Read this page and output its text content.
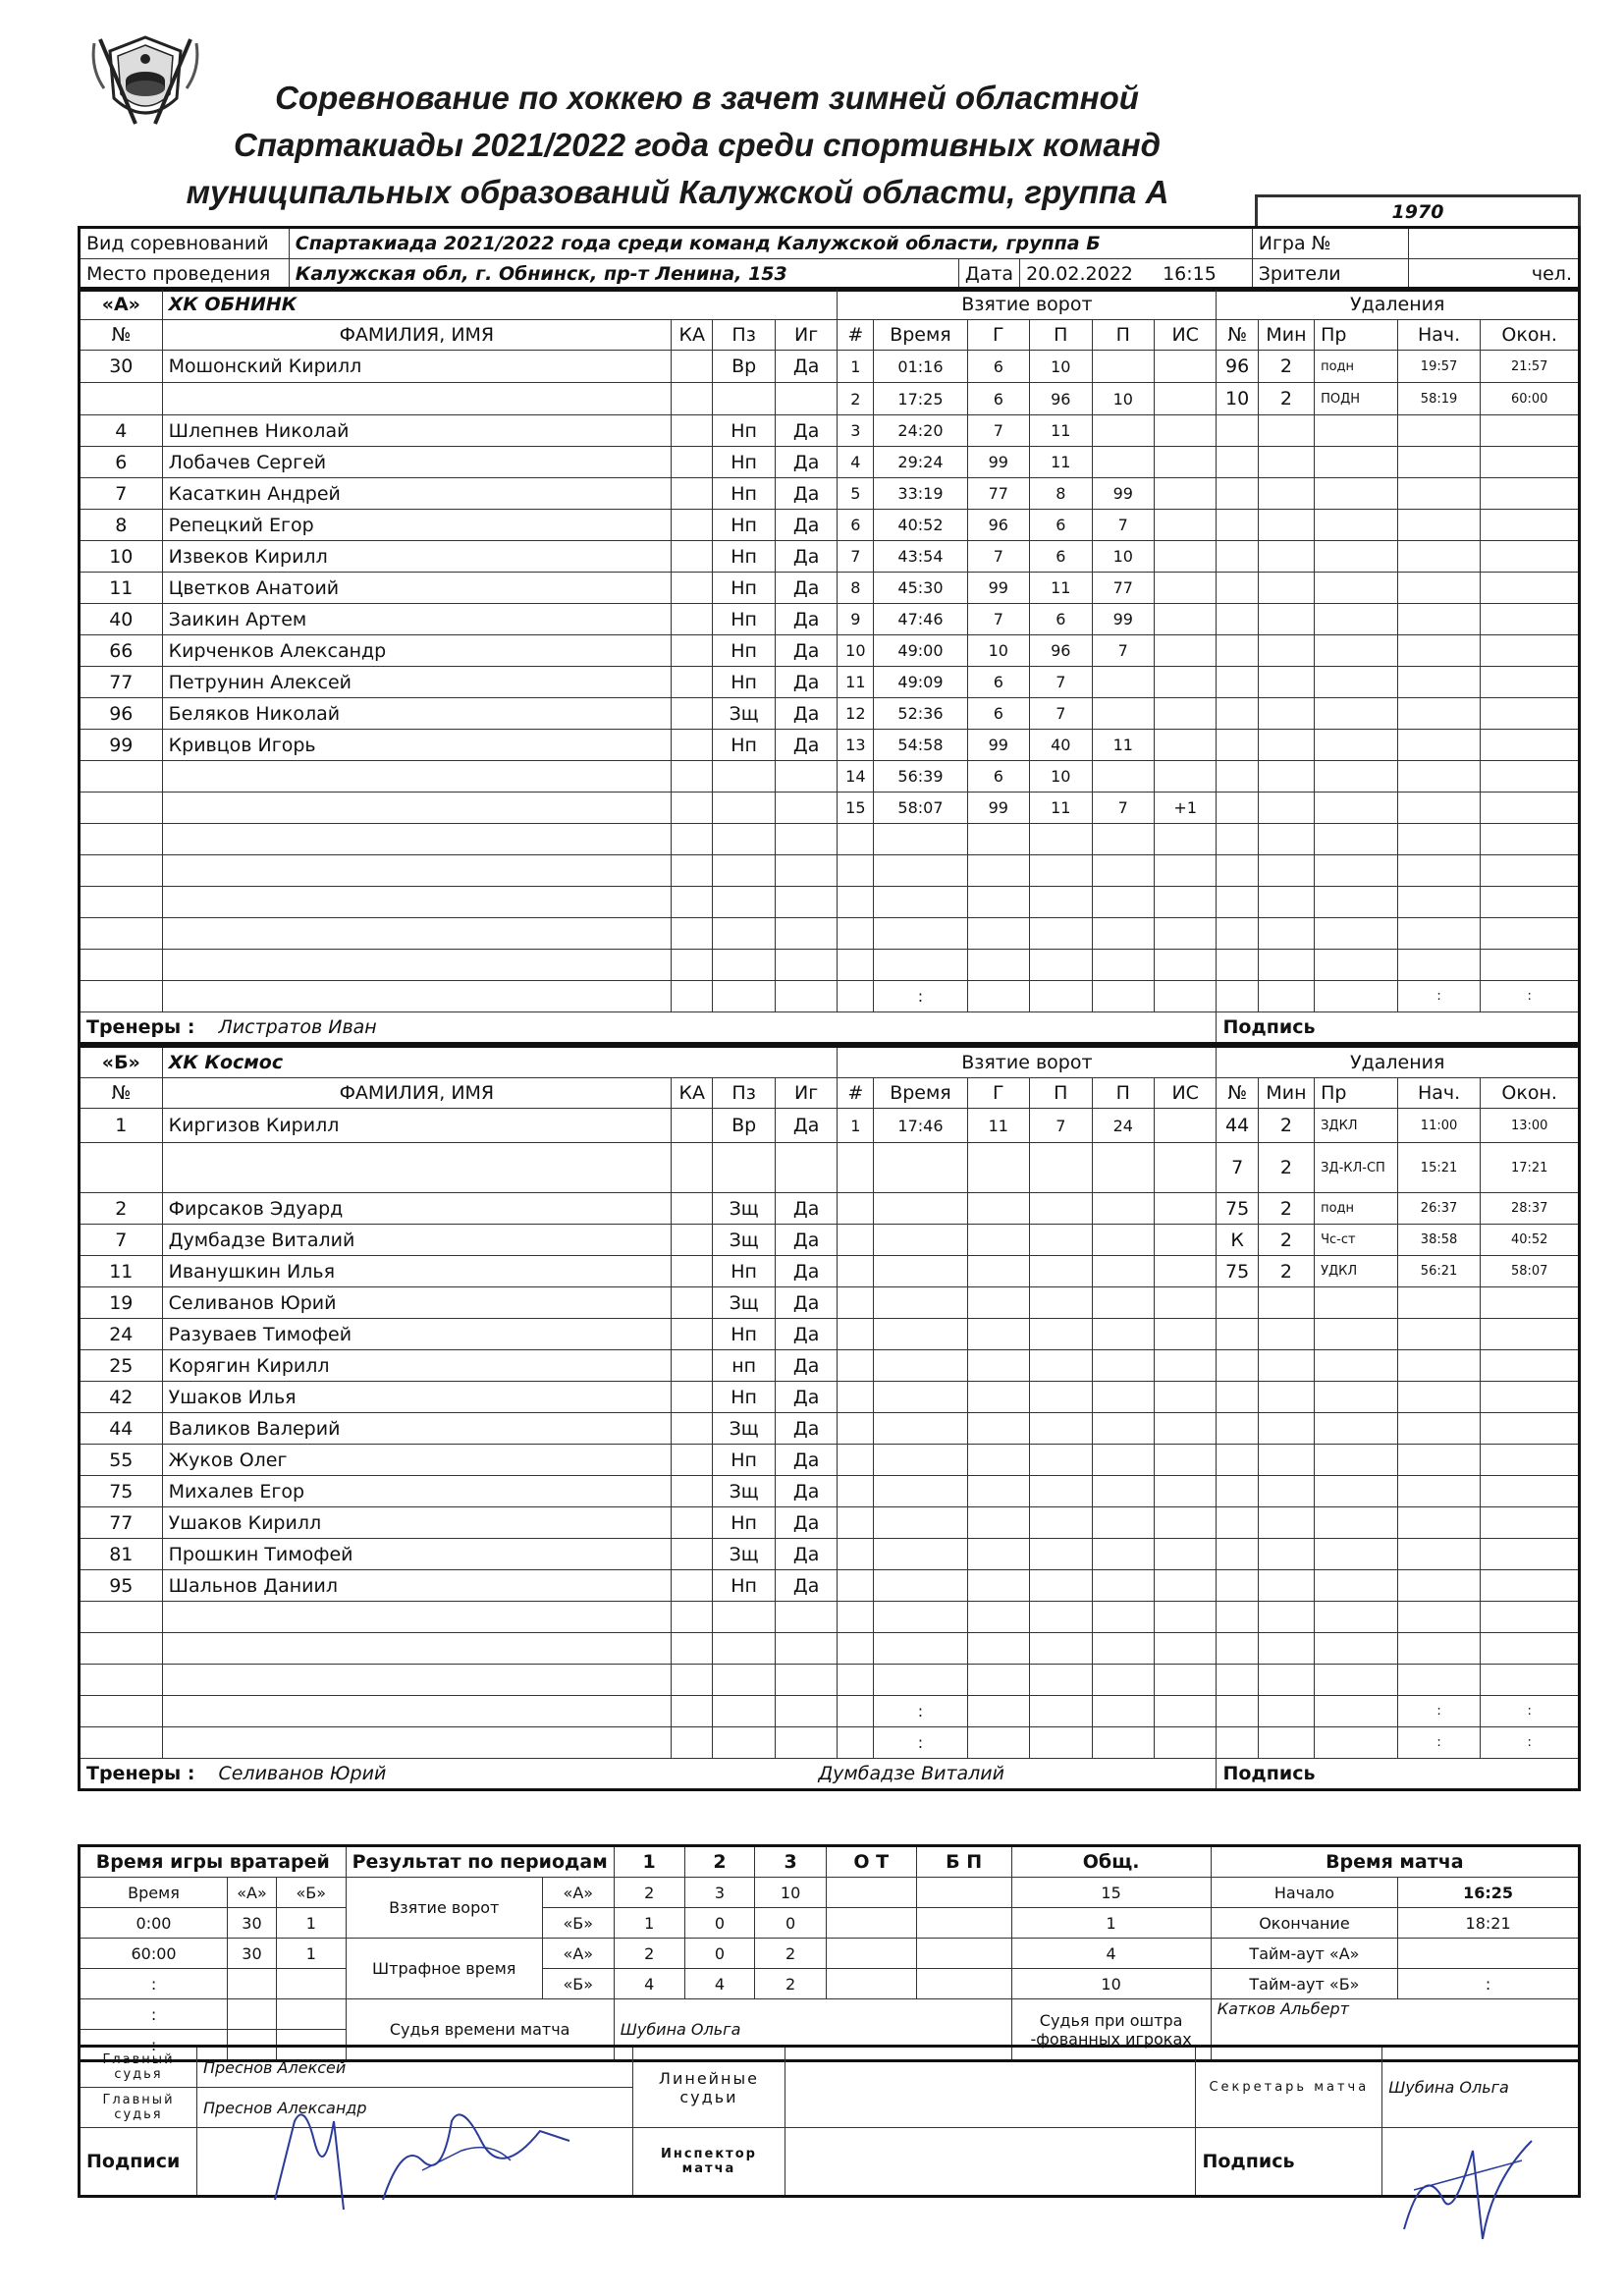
Соревнование по хоккею в зачет зимней областной
Спартакиады 2021/2022 года среди спортивных команд
муниципальных образований Калужской области, группа А
1970
Вид соревнований	Спартакиада 2021/2022 года среди команд Калужской области, группа Б			Игра №	
Место проведения	Калужская обл, г. Обнинск, пр-т Ленина, 153	Дата	20.02.2022 16:15	Зрители	чел.
«А»	ХК ОБНИНК				Взятие ворот						Удаления				
№	ФАМИЛИЯ, ИМЯ	КА	Пз	Иг	#	Время	Г	П	П	ИС	№	Мин	Пр	Нач.	Окон.
30	Мошонский Кирилл		Вр	Да	1	01:16	6	10			96	2	подн	19:57	21:57
					2	17:25	6	96	10		10	2	ПОДН	58:19	60:00
4	Шлепнев Николай		Нп	Да	3	24:20	7	11							
6	Лобачев Сергей		Нп	Да	4	29:24	99	11							
7	Касаткин Андрей		Нп	Да	5	33:19	77	8	99						
8	Репецкий Егор		Нп	Да	6	40:52	96	6	7						
10	Извеков Кирилл		Нп	Да	7	43:54	7	6	10						
11	Цветков Анатоий		Нп	Да	8	45:30	99	11	77						
40	Заикин Артем		Нп	Да	9	47:46	7	6	99						
66	Кирченков Александр		Нп	Да	10	49:00	10	96	7						
77	Петрунин Алексей		Нп	Да	11	49:09	6	7							
96	Беляков Николай		Зщ	Да	12	52:36	6	7							
99	Кривцов Игорь		Нп	Да	13	54:58	99	40	11						
					14	56:39	6	10							
					15	58:07	99	11	7	+1					

						:								:	:
Тренеры : Листратов Иван											Подпись				
«Б»	ХК Космос				Взятие ворот						Удаления				
№	ФАМИЛИЯ, ИМЯ	КА	Пз	Иг	#	Время	Г	П	П	ИС	№	Мин	Пр	Нач.	Окон.
1	Киргизов Кирилл		Вр	Да	1	17:46	11	7	24		44	2	ЗДКЛ	11:00	13:00
											7	2	ЗД-КЛ-СП	15:21	17:21
2	Фирсаков Эдуард		Зщ	Да							75	2	подн	26:37	28:37
7	Думбадзе Виталий		Зщ	Да							К	2	Чс-ст	38:58	40:52
11	Иванушкин Илья		Нп	Да							75	2	УДКЛ	56:21	58:07
19	Селиванов Юрий		Зщ	Да											
24	Разуваев Тимофей		Нп	Да											
25	Корягин Кирилл		нп	Да											
42	Ушаков Илья		Нп	Да											
44	Валиков Валерий		Зщ	Да											
55	Жуков Олег		Нп	Да											
75	Михалев Егор		Зщ	Да											
77	Ушаков Кирилл		Нп	Да											
81	Прошкин Тимофей		Зщ	Да											
95	Шальнов Даниил		Нп	Да											

						:								:	:
						:								:	:
Тренеры : Селиванов Юрий Думбадзе Виталий											Подпись				
Время игры вратарей			Результат по периодам		1	2	3	О Т	Б П	Общ.	Время матча	
Время	«А»	«Б»	Взятие ворот	«А»	2	3	10			15	Начало	16:25
0:00	30	1		«Б»	1	0	0			1	Окончание	18:21
60:00	30	1	Штрафное время	«А»	2	0	2			4	Тайм-аут «А»	
:				«Б»	4	4	2			10	Тайм-аут «Б»	:
:			Судья времени матча		Шубина Ольга					Судья при оштра -фованных игроках	Катков Альберт	
:												
Главный судья	Преснов Алексей	Линейные судьи		Секретарь матча	Шубина Ольга
Главный судья	Преснов Александр				
Подписи		Инспектор матча		Подпись	
